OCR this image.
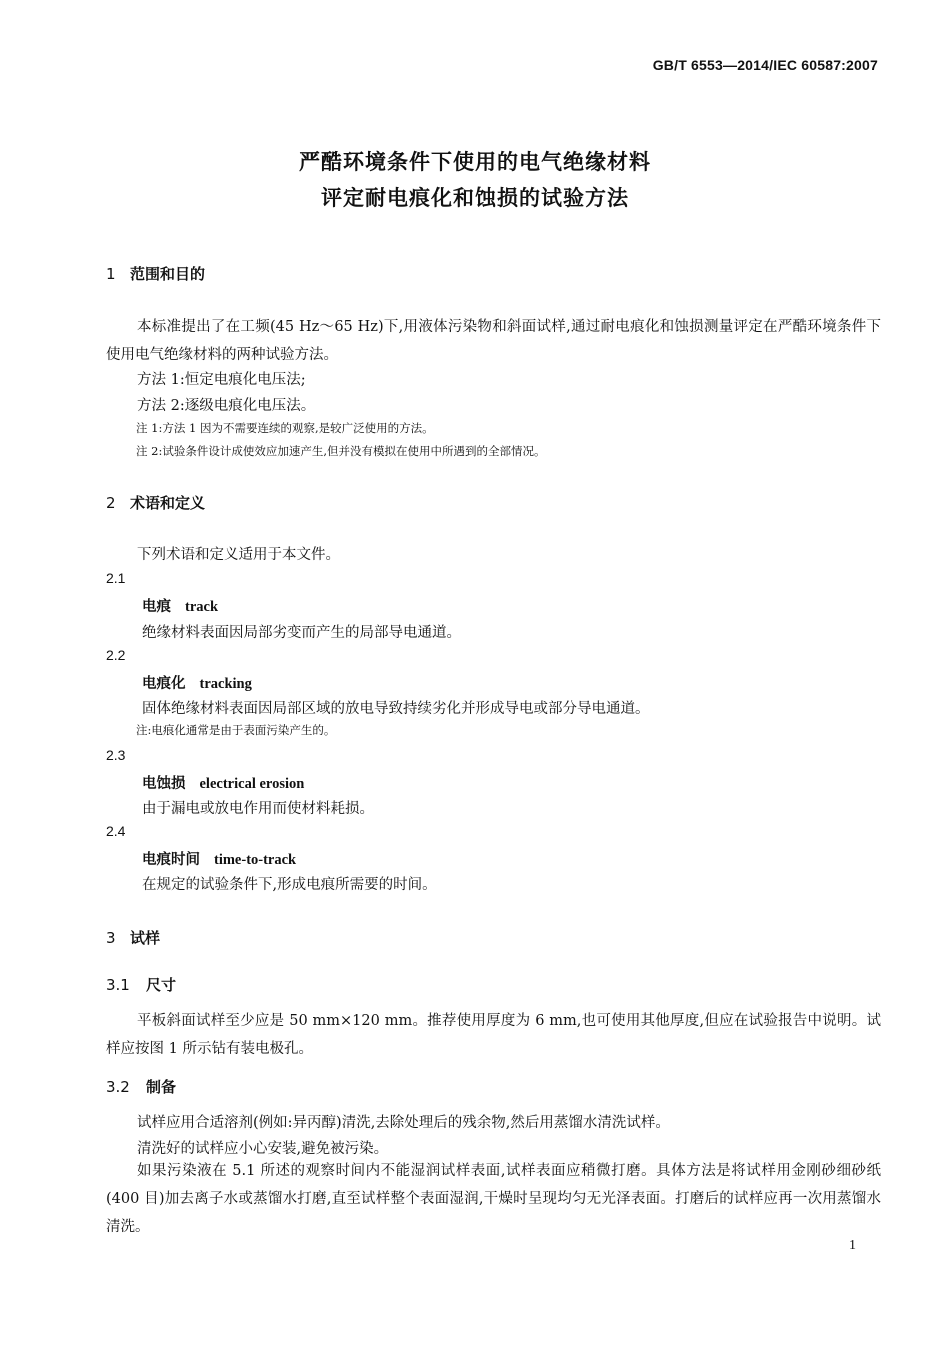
GB/T 6553—2014/IEC 60587:2007
严酷环境条件下使用的电气绝缘材料
评定耐电痕化和蚀损的试验方法
1 范围和目的
本标准提出了在工频(45 Hz～65 Hz)下,用液体污染物和斜面试样,通过耐电痕化和蚀损测量评定在严酷环境条件下使用电气绝缘材料的两种试验方法。
方法 1:恒定电痕化电压法;
方法 2:逐级电痕化电压法。
注 1:方法 1 因为不需要连续的观察,是较广泛使用的方法。
注 2:试验条件设计成使效应加速产生,但并没有模拟在使用中所遇到的全部情况。
2 术语和定义
下列术语和定义适用于本文件。
2.1
电痕 track
绝缘材料表面因局部劣变而产生的局部导电通道。
2.2
电痕化 tracking
固体绝缘材料表面因局部区域的放电导致持续劣化并形成导电或部分导电通道。
注:电痕化通常是由于表面污染产生的。
2.3
电蚀损 electrical erosion
由于漏电或放电作用而使材料耗损。
2.4
电痕时间 time-to-track
在规定的试验条件下,形成电痕所需要的时间。
3 试样
3.1 尺寸
平板斜面试样至少应是 50 mm×120 mm。推荐使用厚度为 6 mm,也可使用其他厚度,但应在试验报告中说明。试样应按图 1 所示钻有装电极孔。
3.2 制备
试样应用合适溶剂(例如:异丙醇)清洗,去除处理后的残余物,然后用蒸馏水清洗试样。
清洗好的试样应小心安装,避免被污染。
如果污染液在 5.1 所述的观察时间内不能湿润试样表面,试样表面应稍微打磨。具体方法是将试样用金刚砂细砂纸(400 目)加去离子水或蒸馏水打磨,直至试样整个表面湿润,干燥时呈现均匀无光泽表面。打磨后的试样应再一次用蒸馏水清洗。
1
